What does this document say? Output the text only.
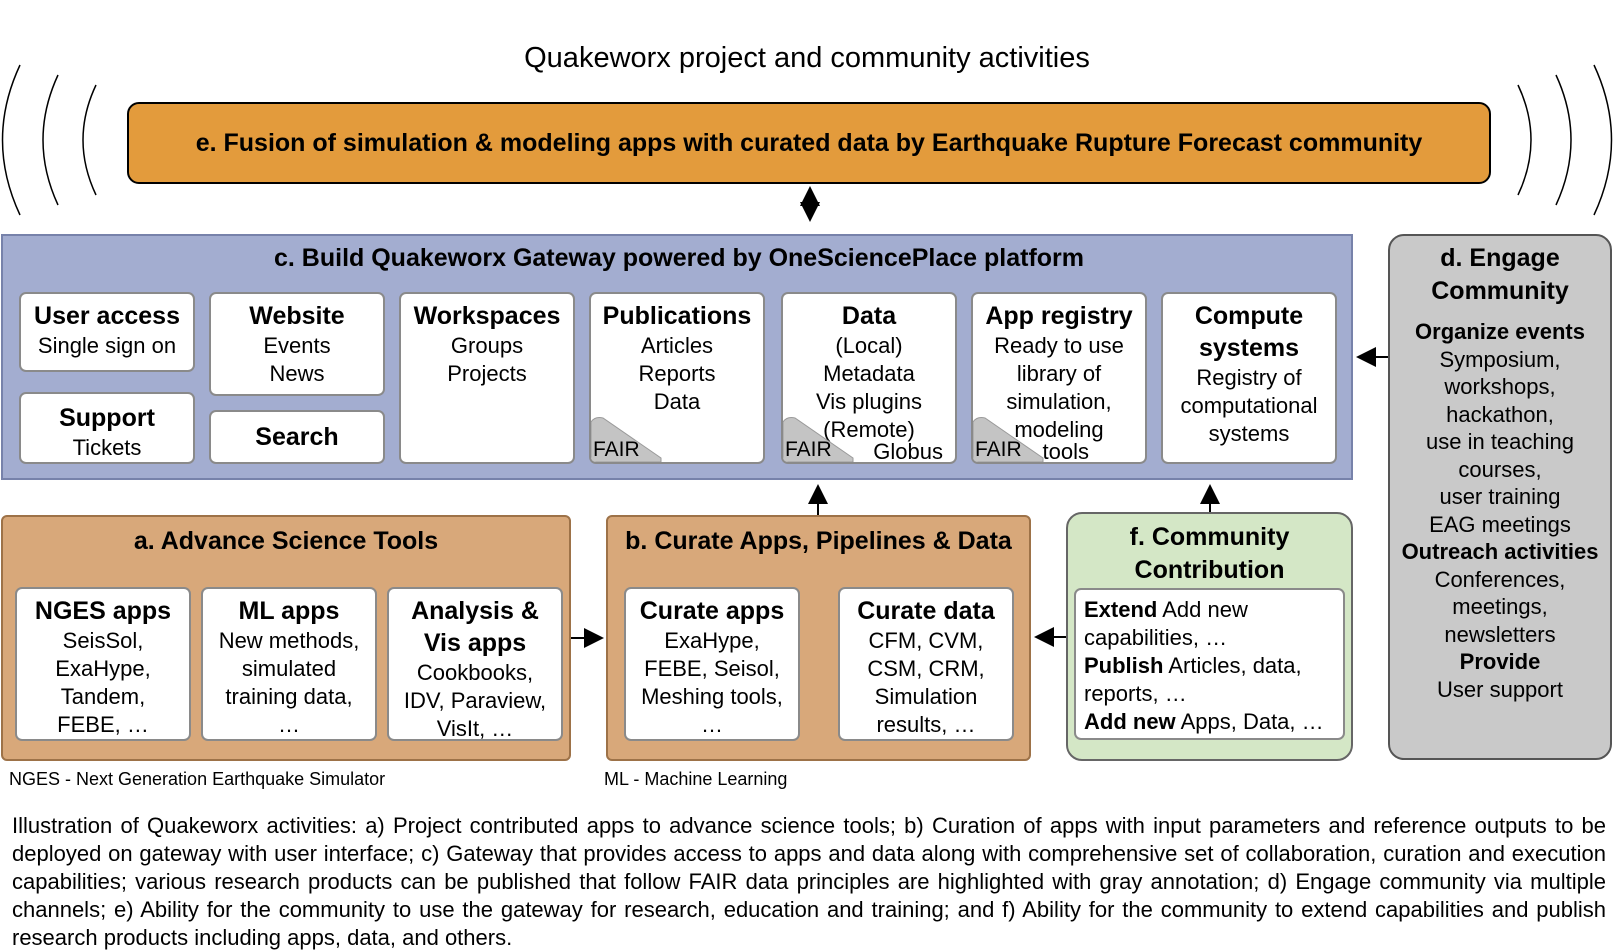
Quakeworx project and community activities
e. Fusion of simulation & modeling apps with curated data by Earthquake Rupture Forecast community
c. Build Quakeworx Gateway powered by OneSciencePlace platform
User access
Single sign on
Support
Tickets
Website
Events
News
Search
Workspaces
Groups
Projects
Publications
Articles
Reports
Data
FAIR
Data
(Local)
Metadata
Vis plugins
(Remote)
Globus
FAIR
App registry
Ready to use
library of
simulation,
modeling
tools
FAIR
Compute
systems
Registry of
computational
systems
d. Engage
Community
Organize events
Symposium,
workshops,
hackathon,
use in teaching
courses,
user training
EAG meetings
Outreach activities
Conferences,
meetings,
newsletters
Provide
User support
a. Advance Science Tools
NGES apps
SeisSol,
ExaHype,
Tandem,
FEBE, …
ML apps
New methods,
simulated
training data,
…
Analysis &
Vis apps
Cookbooks,
IDV, Paraview,
VisIt, …
b. Curate Apps, Pipelines & Data
Curate apps
ExaHype,
FEBE, Seisol,
Meshing tools,
…
Curate data
CFM, CVM,
CSM, CRM,
Simulation
results, …
f. Community
Contribution
Extend Add new
capabilities, …
Publish Articles, data,
reports, …
Add new Apps, Data, …
NGES - Next Generation Earthquake Simulator	ML - Machine Learning
Illustration of Quakeworx activities: a) Project contributed apps to advance science tools; b) Curation of apps with input parameters and reference outputs to be deployed on gateway with user interface; c) Gateway that provides access to apps and data along with comprehensive set of collaboration, curation and execution capabilities; various research products can be published that follow FAIR data principles are highlighted with gray annotation; d) Engage community via multiple channels; e) Ability for the community to use the gateway for research, education and training; and f) Ability for the community to extend capabilities and publish research products including apps, data, and others.
